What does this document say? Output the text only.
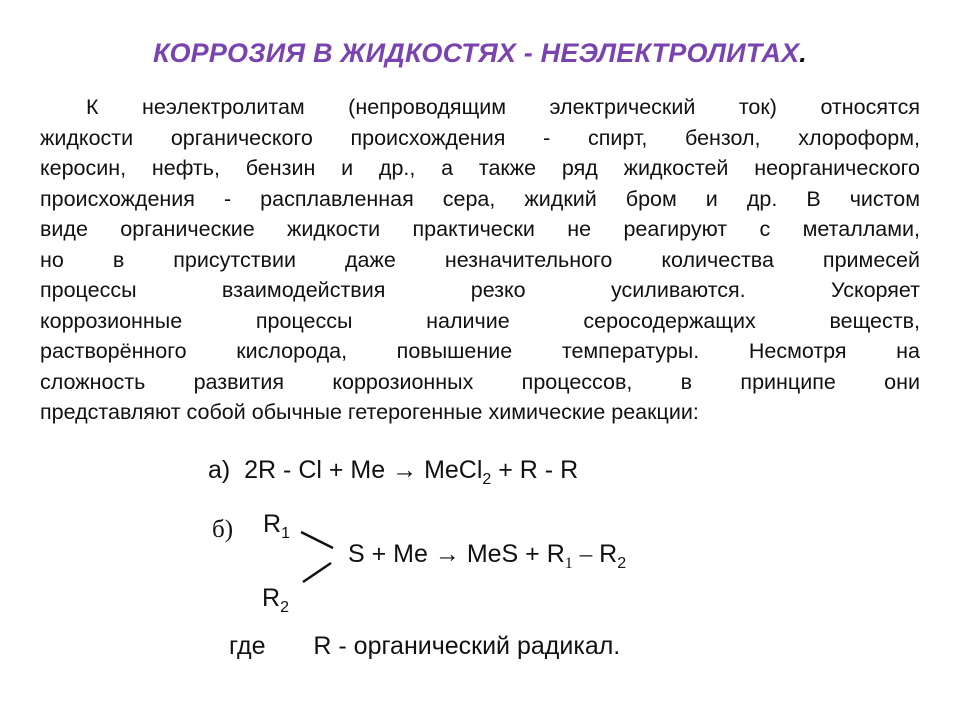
КОРРОЗИЯ В ЖИДКОСТЯХ - НЕЭЛЕКТРОЛИТАХ.
К неэлектролитам (непроводящим электрический ток) относятся
жидкости органического происхождения - спирт, бензол, хлороформ,
керосин, нефть, бензин и др., а также ряд жидкостей неорганического
происхождения - расплавленная сера, жидкий бром и др. В чистом
виде органические жидкости практически не реагируют с металлами,
но в присутствии даже незначительного количества примесей
процессы взаимодействия резко усиливаются. Ускоряет
коррозионные процессы наличие серосодержащих веществ,
растворённого кислорода, повышение температуры. Несмотря на
сложность развития коррозионных процессов, в принципе они
представляют собой обычные гетерогенные химические реакции:
а) 2R - Cl + Me → MeCl$_2$ + R - R
б) $R_1$
$R_2$
S + Me → MeS + $R_1 - R_2$
где R - органический радикал.
